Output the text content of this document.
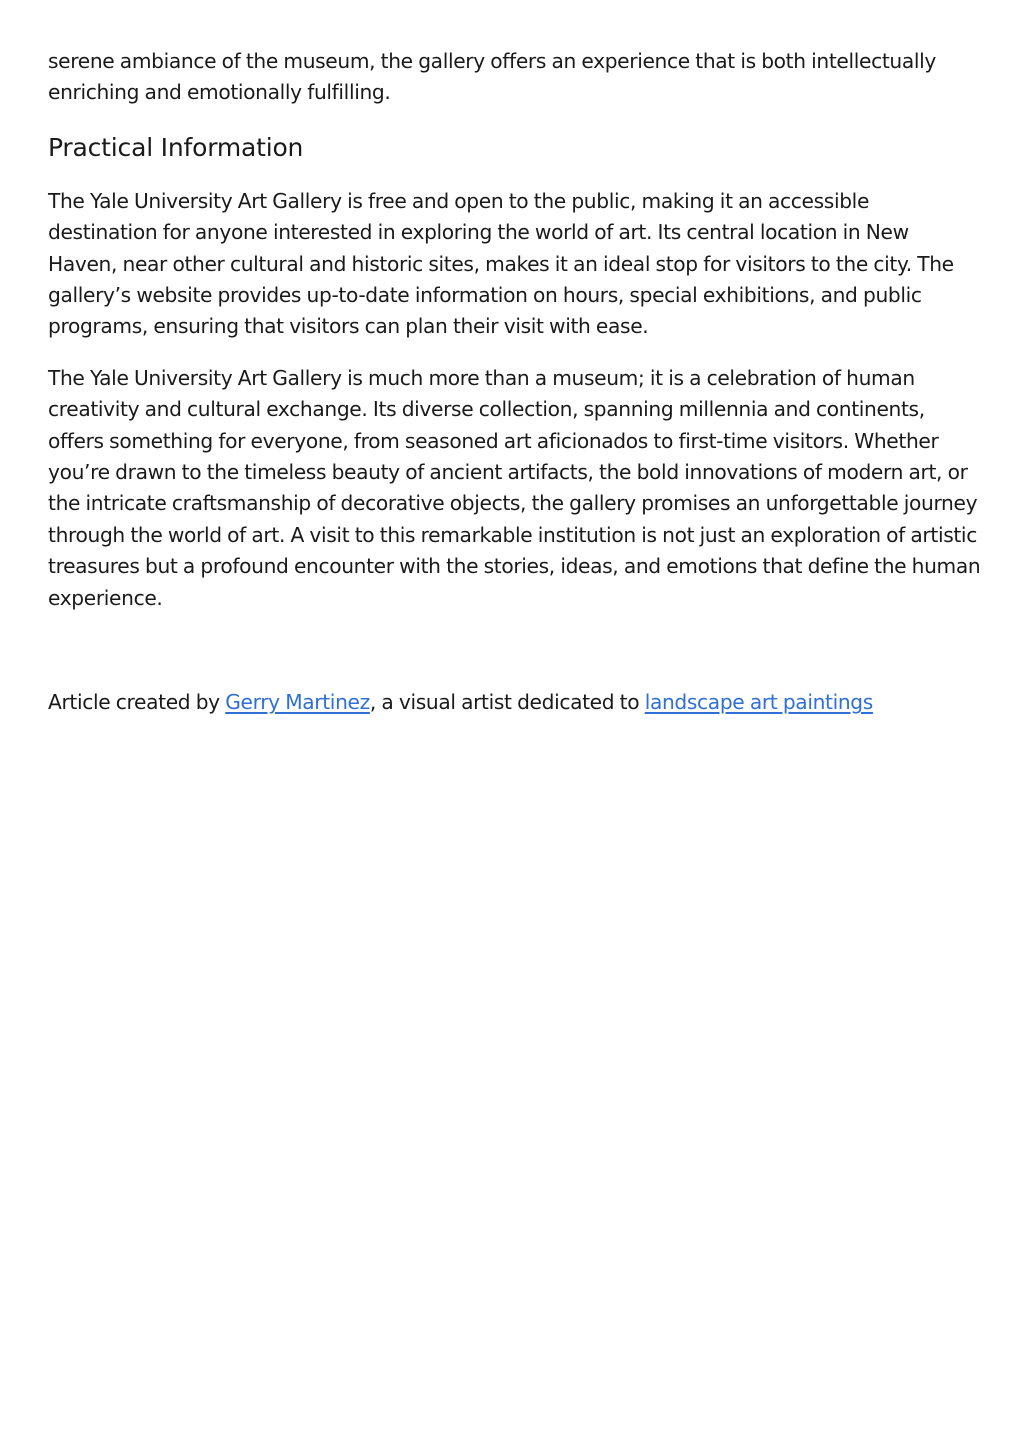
serene ambiance of the museum, the gallery offers an experience that is both intellectually enriching and emotionally fulfilling.

Practical Information

The Yale University Art Gallery is free and open to the public, making it an accessible destination for anyone interested in exploring the world of art. Its central location in New Haven, near other cultural and historic sites, makes it an ideal stop for visitors to the city. The gallery’s website provides up-to-date information on hours, special exhibitions, and public programs, ensuring that visitors can plan their visit with ease.

The Yale University Art Gallery is much more than a museum; it is a celebration of human creativity and cultural exchange. Its diverse collection, spanning millennia and continents, offers something for everyone, from seasoned art aficionados to first-time visitors. Whether you’re drawn to the timeless beauty of ancient artifacts, the bold innovations of modern art, or the intricate craftsmanship of decorative objects, the gallery promises an unforgettable journey through the world of art. A visit to this remarkable institution is not just an exploration of artistic treasures but a profound encounter with the stories, ideas, and emotions that define the human experience.

Article created by Gerry Martinez, a visual artist dedicated to landscape art paintings
